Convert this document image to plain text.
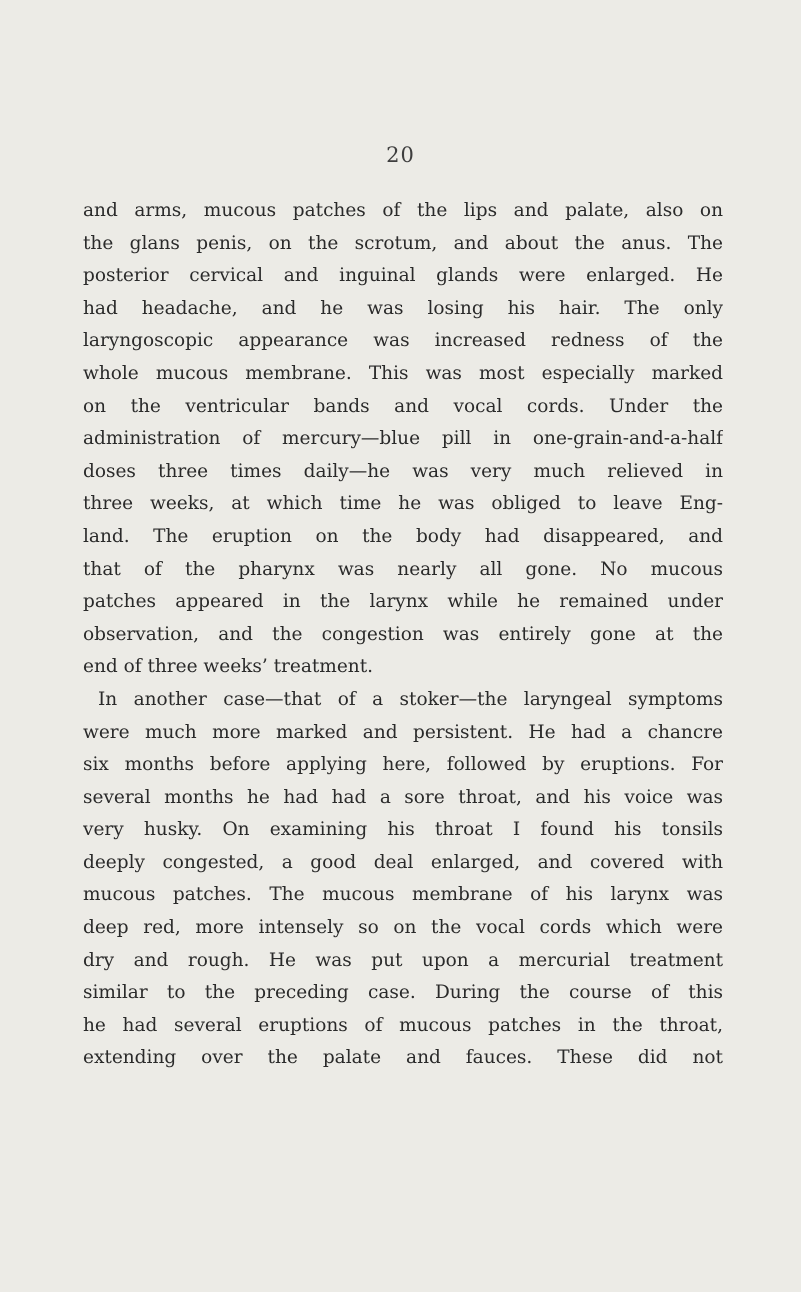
20
and arms, mucous patches of the lips and palate, also on
the glans penis, on the scrotum, and about the anus. The
posterior cervical and inguinal glands were enlarged. He
had headache, and he was losing his hair. The only
laryngoscopic appearance was increased redness of the
whole mucous membrane. This was most especially marked
on the ventricular bands and vocal cords. Under the
administration of mercury—blue pill in one-grain-and-a-half
doses three times daily—he was very much relieved in
three weeks, at which time he was obliged to leave Eng-
land. The eruption on the body had disappeared, and
that of the pharynx was nearly all gone. No mucous
patches appeared in the larynx while he remained under
observation, and the congestion was entirely gone at the
end of three weeks’ treatment.
In another case—that of a stoker—the laryngeal symptoms
were much more marked and persistent. He had a chancre
six months before applying here, followed by eruptions. For
several months he had had a sore throat, and his voice was
very husky. On examining his throat I found his tonsils
deeply congested, a good deal enlarged, and covered with
mucous patches. The mucous membrane of his larynx was
deep red, more intensely so on the vocal cords which were
dry and rough. He was put upon a mercurial treatment
similar to the preceding case. During the course of this
he had several eruptions of mucous patches in the throat,
extending over the palate and fauces. These did not
